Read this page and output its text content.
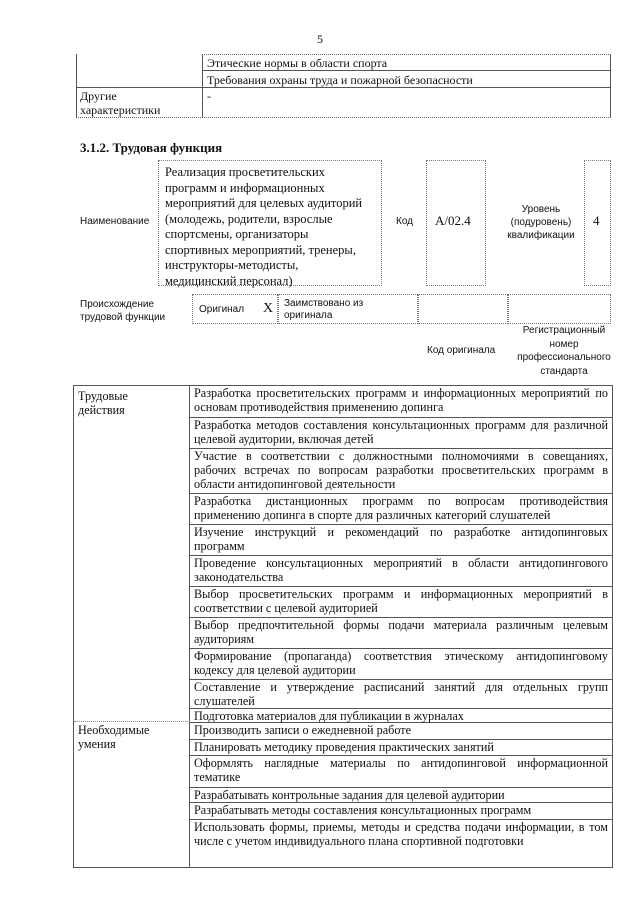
5
Этические нормы в области спорта
Требования охраны труда и пожарной безопасности
Другие
характеристики
-
3.1.2. Трудовая функция
Наименование
Реализация просветительских
программ и информационных
мероприятий для целевых аудиторий
(молодежь, родители, взрослые
спортсмены, организаторы
спортивных мероприятий, тренеры,
инструкторы-методисты,
медицинский персонал)
Код А/02.4
Уровень
(подуровень)
квалификации
4
Происхождение
трудовой функции
Оригинал X Заимствовано из
оригинала
Код оригинала
Регистрационный
номер
профессионального
стандарта
Трудовые
действия
Необходимые
умения
Разработка просветительских программ и информационных мероприятий по основам противодействия применению допинга
Разработка методов составления консультационных программ для различной целевой аудитории, включая детей
Участие в соответствии с должностными полномочиями в совещаниях, рабочих встречах по вопросам разработки просветительских программ в области антидопинговой деятельности
Разработка дистанционных программ по вопросам противодействия применению допинга в спорте для различных категорий слушателей
Изучение инструкций и рекомендаций по разработке антидопинговых программ
Проведение консультационных мероприятий в области антидопингового законодательства
Выбор просветительских программ и информационных мероприятий в соответствии с целевой аудиторией
Выбор предпочтительной формы подачи материала различным целевым аудиториям
Формирование (пропаганда) соответствия этическому антидопинговому кодексу для целевой аудитории
Составление и утверждение расписаний занятий для отдельных групп слушателей
Подготовка материалов для публикации в журналах
Производить записи о ежедневной работе
Планировать методику проведения практических занятий
Оформлять наглядные материалы по антидопинговой информационной тематике
Разрабатывать контрольные задания для целевой аудитории
Разрабатывать методы составления консультационных программ
Использовать формы, приемы, методы и средства подачи информации, в том числе с учетом индивидуального плана спортивной подготовки
